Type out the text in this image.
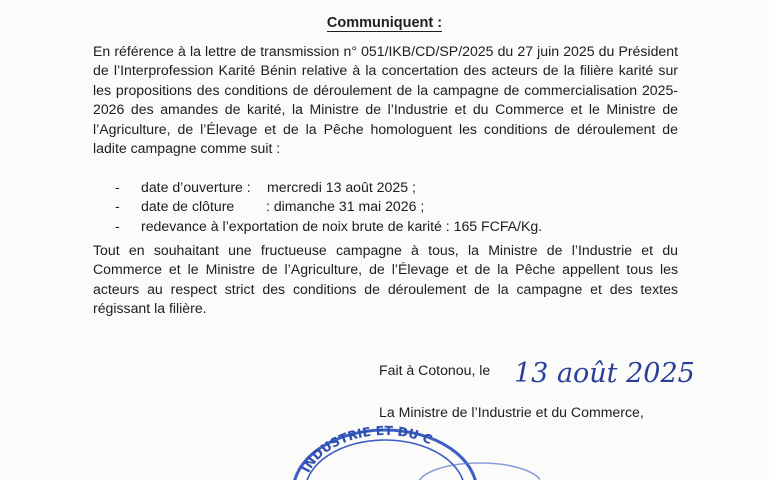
Communiquent :
En référence à la lettre de transmission n° 051/IKB/CD/SP/2025 du 27 juin 2025 du Président de l’Interprofession Karité Bénin relative à la concertation des acteurs de la filière karité sur les propositions des conditions de déroulement de la campagne de commercialisation 2025-2026 des amandes de karité, la Ministre de l’Industrie et du Commerce et le Ministre de l’Agriculture, de l’Élevage et de la Pêche homologuent les conditions de déroulement de ladite campagne comme suit :
- date d’ouverture : mercredi 13 août 2025 ;
- date de clôture : dimanche 31 mai 2026 ;
- redevance à l’exportation de noix brute de karité : 165 FCFA/Kg.
Tout en souhaitant une fructueuse campagne à tous, la Ministre de l’Industrie et du Commerce et le Ministre de l’Agriculture, de l’Élevage et de la Pêche appellent tous les acteurs au respect strict des conditions de déroulement de la campagne et des textes régissant la filière.
Fait à Cotonou, le 13 août 2025
La Ministre de l’Industrie et du Commerce,
INDUSTRIE ET DU C
